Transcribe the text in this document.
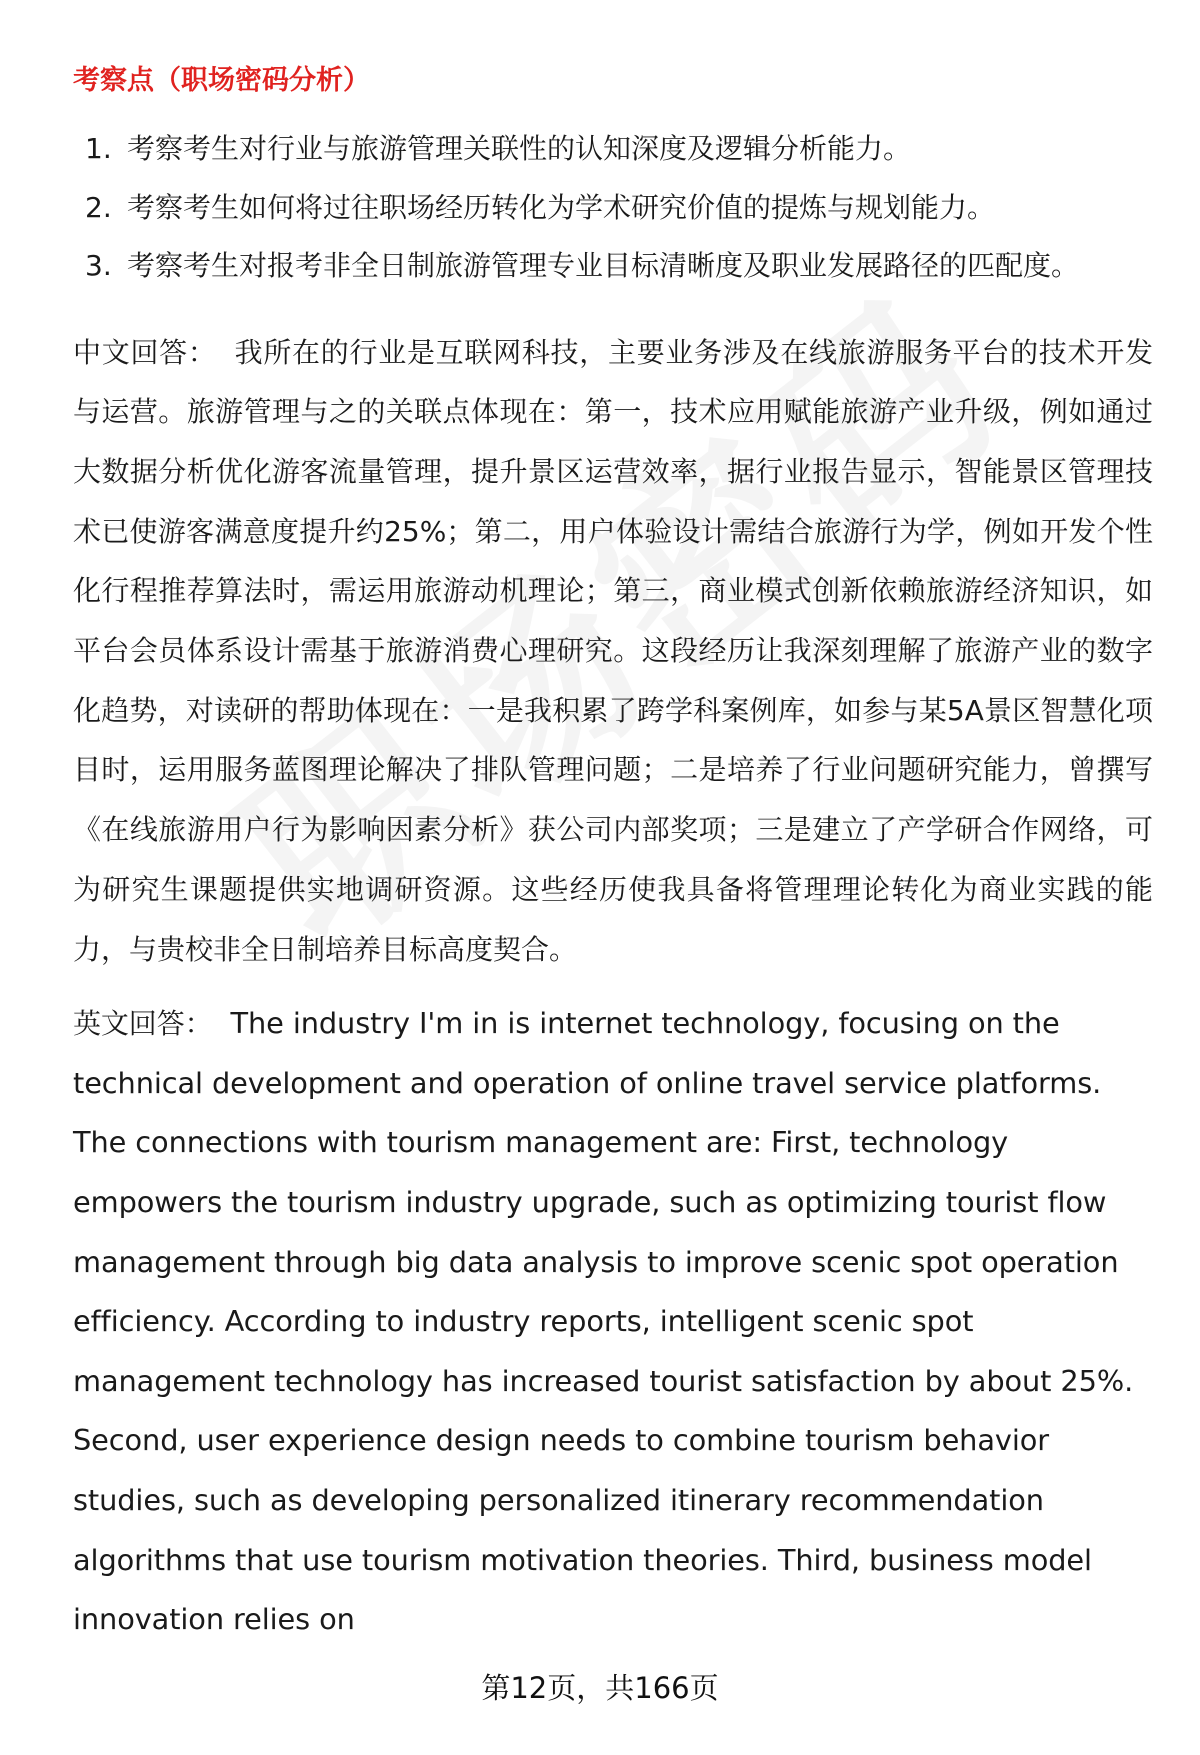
考察点（职场密码分析）
1. 考察考生对行业与旅游管理关联性的认知深度及逻辑分析能力。
2. 考察考生如何将过往职场经历转化为学术研究价值的提炼与规划能力。
3. 考察考生对报考非全日制旅游管理专业目标清晰度及职业发展路径的匹配度。

中文回答： 我所在的行业是互联网科技，主要业务涉及在线旅游服务平台的技术开发与运营。旅游管理与之的关联点体现在：第一，技术应用赋能旅游产业升级，例如通过大数据分析优化游客流量管理，提升景区运营效率，据行业报告显示，智能景区管理技术已使游客满意度提升约25%；第二，用户体验设计需结合旅游行为学，例如开发个性化行程推荐算法时，需运用旅游动机理论；第三，商业模式创新依赖旅游经济知识，如平台会员体系设计需基于旅游消费心理研究。这段经历让我深刻理解了旅游产业的数字化趋势，对读研的帮助体现在：一是我积累了跨学科案例库，如参与某5A景区智慧化项目时，运用服务蓝图理论解决了排队管理问题；二是培养了行业问题研究能力，曾撰写《在线旅游用户行为影响因素分析》获公司内部奖项；三是建立了产学研合作网络，可为研究生课题提供实地调研资源。这些经历使我具备将管理理论转化为商业实践的能力，与贵校非全日制培养目标高度契合。

英文回答： The industry I'm in is internet technology, focusing on the technical development and operation of online travel service platforms. The connections with tourism management are: First, technology empowers the tourism industry upgrade, such as optimizing tourist flow management through big data analysis to improve scenic spot operation efficiency. According to industry reports, intelligent scenic spot management technology has increased tourist satisfaction by about 25%. Second, user experience design needs to combine tourism behavior studies, such as developing personalized itinerary recommendation algorithms that use tourism motivation theories. Third, business model innovation relies on

第12页，共166页
